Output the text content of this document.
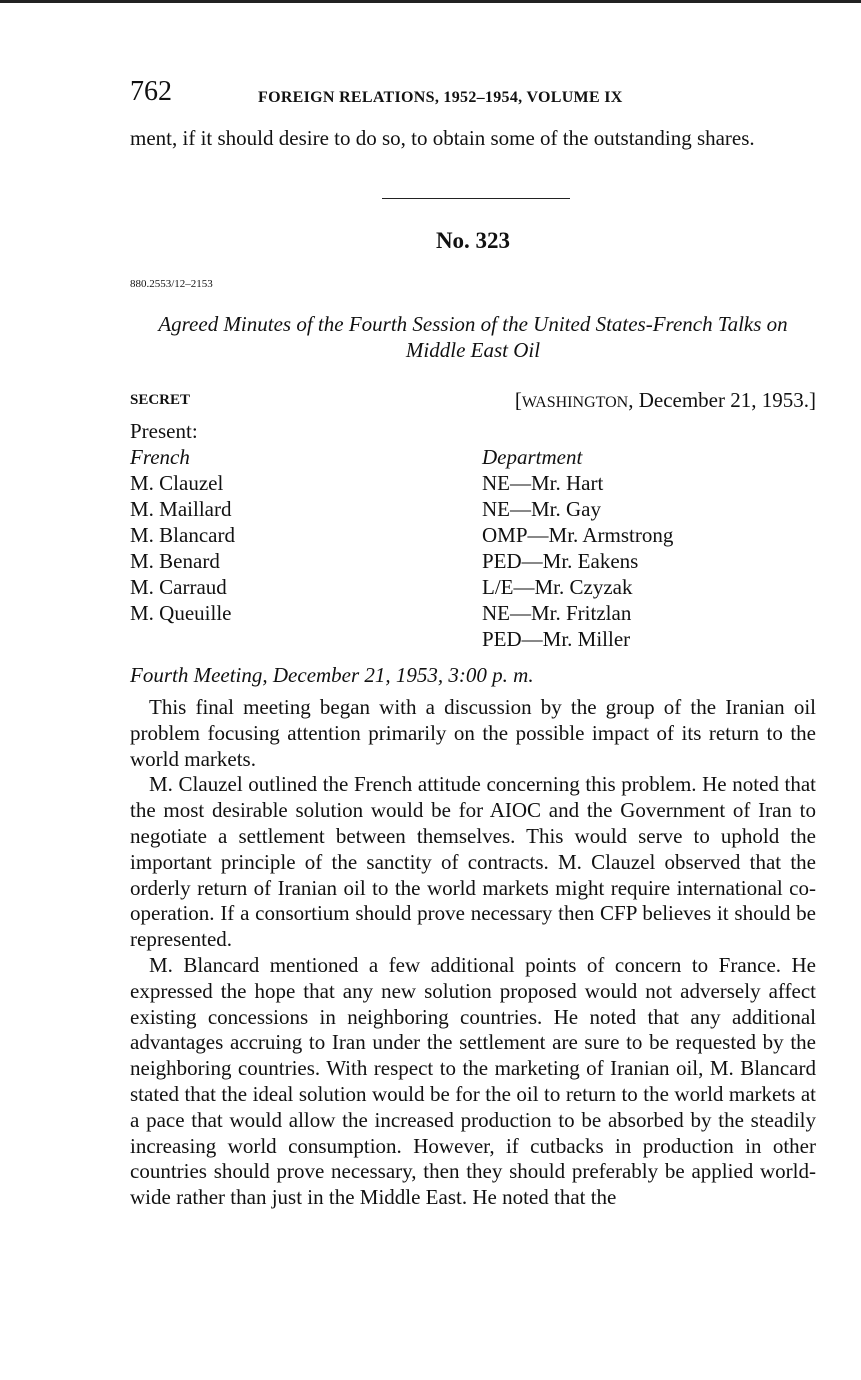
762	FOREIGN RELATIONS, 1952–1954, VOLUME IX
ment, if it should desire to do so, to obtain some of the outstanding shares.
No. 323
880.2553/12–2153
Agreed Minutes of the Fourth Session of the United States-French Talks on Middle East Oil
SECRET	[WASHINGTON, December 21, 1953.]
Present:
French
M. Clauzel
M. Maillard
M. Blancard
M. Benard
M. Carraud
M. Queuille
Department
NE—Mr. Hart
NE—Mr. Gay
OMP—Mr. Armstrong
PED—Mr. Eakens
L/E—Mr. Czyzak
NE—Mr. Fritzlan
PED—Mr. Miller
Fourth Meeting, December 21, 1953, 3:00 p. m.

This final meeting began with a discussion by the group of the Iranian oil problem focusing attention primarily on the possible impact of its return to the world markets.

M. Clauzel outlined the French attitude concerning this problem. He noted that the most desirable solution would be for AIOC and the Government of Iran to negotiate a settlement between themselves. This would serve to uphold the important principle of the sanctity of contracts. M. Clauzel observed that the orderly return of Iranian oil to the world markets might require international co-operation. If a consortium should prove necessary then CFP believes it should be represented.

M. Blancard mentioned a few additional points of concern to France. He expressed the hope that any new solution proposed would not adversely affect existing concessions in neighboring countries. He noted that any additional advantages accruing to Iran under the settlement are sure to be requested by the neighboring countries. With respect to the marketing of Iranian oil, M. Blancard stated that the ideal solution would be for the oil to return to the world markets at a pace that would allow the increased production to be absorbed by the steadily increasing world consumption. However, if cutbacks in production in other countries should prove necessary, then they should preferably be applied world-wide rather than just in the Middle East. He noted that the
